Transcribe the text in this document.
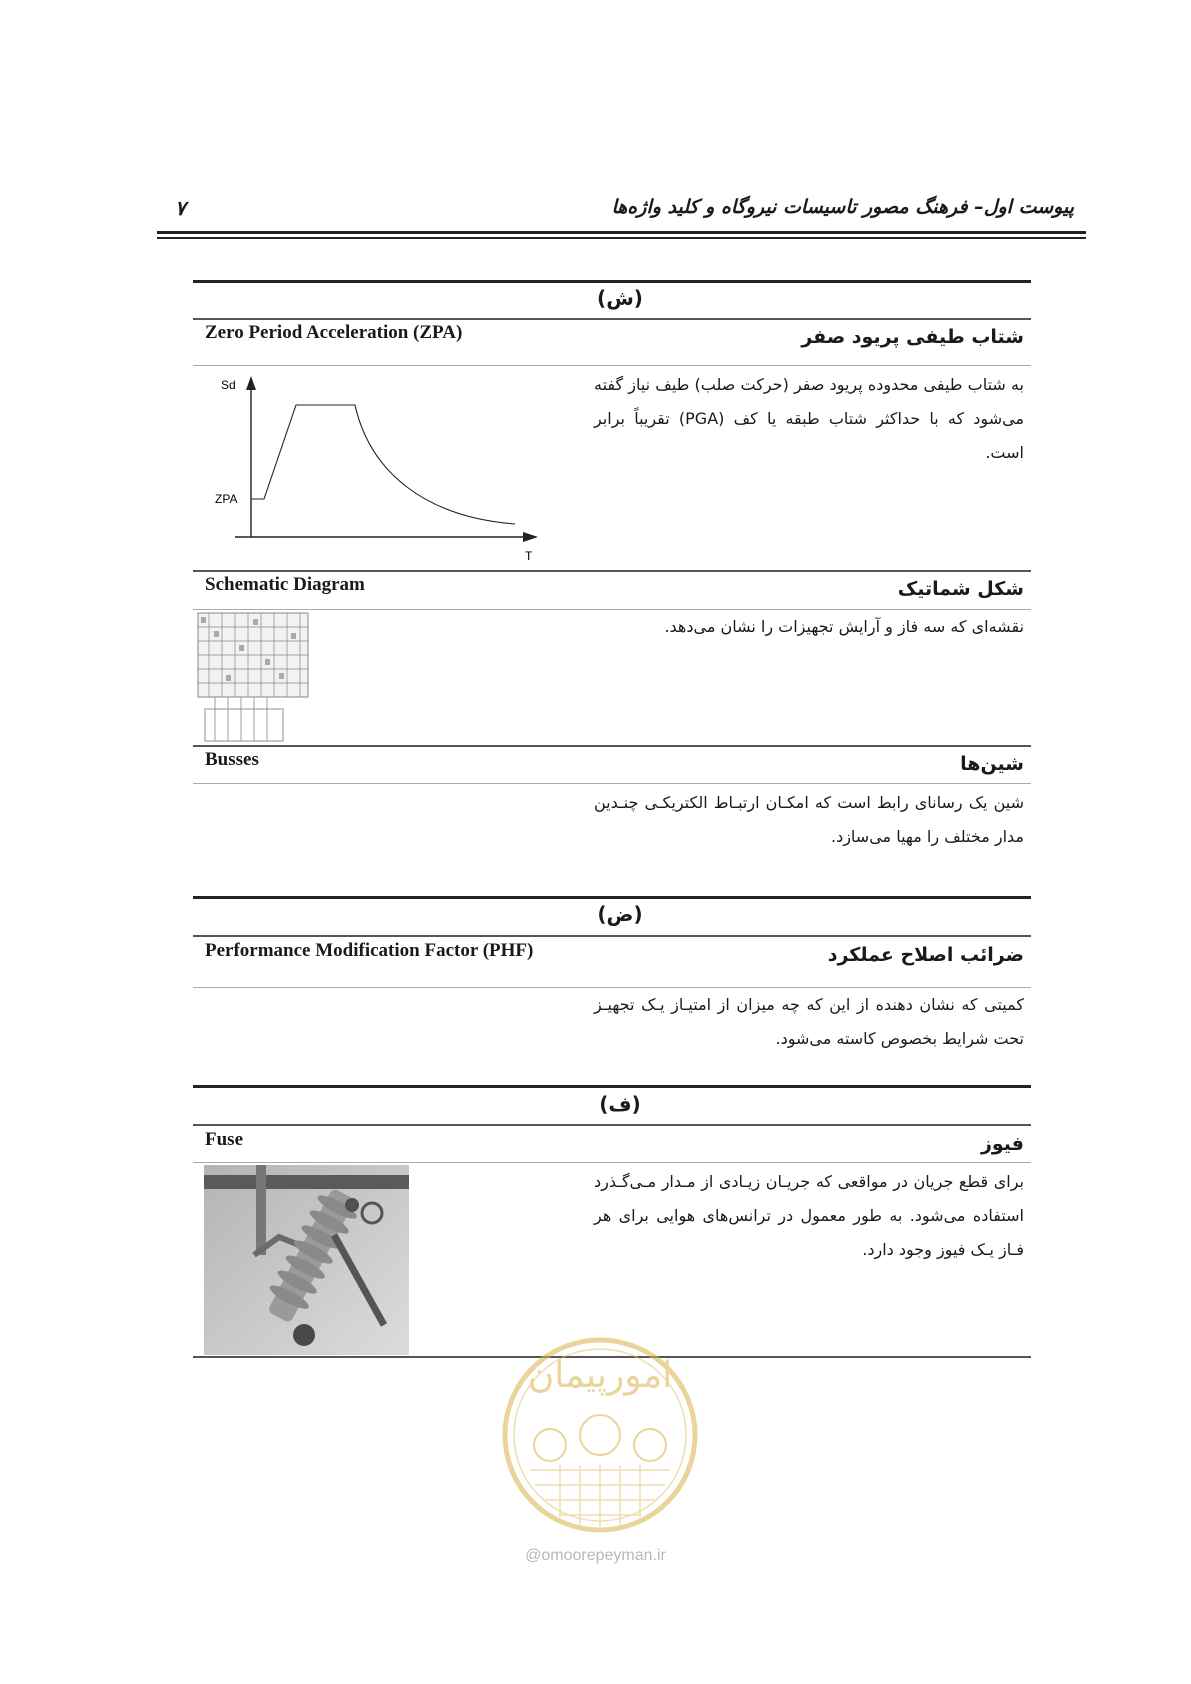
پیوست اول– فرهنگ مصور تاسیسات نیروگاه و کلید واژه‌ها
۷
(ش)
Zero Period Acceleration (ZPA)	شتاب طیفی پریود صفر
به شتاب طیفی محدوده پریود صفر (حرکت صلب) طیف نیاز گفته می‌شود که با حداکثر شتاب طبقه یا کف (PGA) تقریباً برابر است.
Sd
ZPA
T
Schematic Diagram	شکل شماتیک
نقشه‌ای که سه فاز و آرایش تجهیزات را نشان می‌دهد.
Busses	شین‌ها
شین یک رسانای رابط است که امکـان ارتبـاط الکتریکـی چنـدین مدار مختلف را مهیا می‌سازد.
(ض)
Performance Modification Factor (PHF)	ضرائب اصلاح عملکرد
کمیتی که نشان دهنده از این که چه میزان از امتیـاز یـک تجهیـز تحت شرایط بخصوص کاسته می‌شود.
(ف)
Fuse	فیوز
برای قطع جریان در مواقعی که جریـان زیـادی از مـدار مـی‌گـذرد استفاده می‌شود. به طور معمول در ترانس‌های هوایی برای هر فـاز یـک فیوز وجود دارد.
امورپیمان
@omoorepeyman.ir
